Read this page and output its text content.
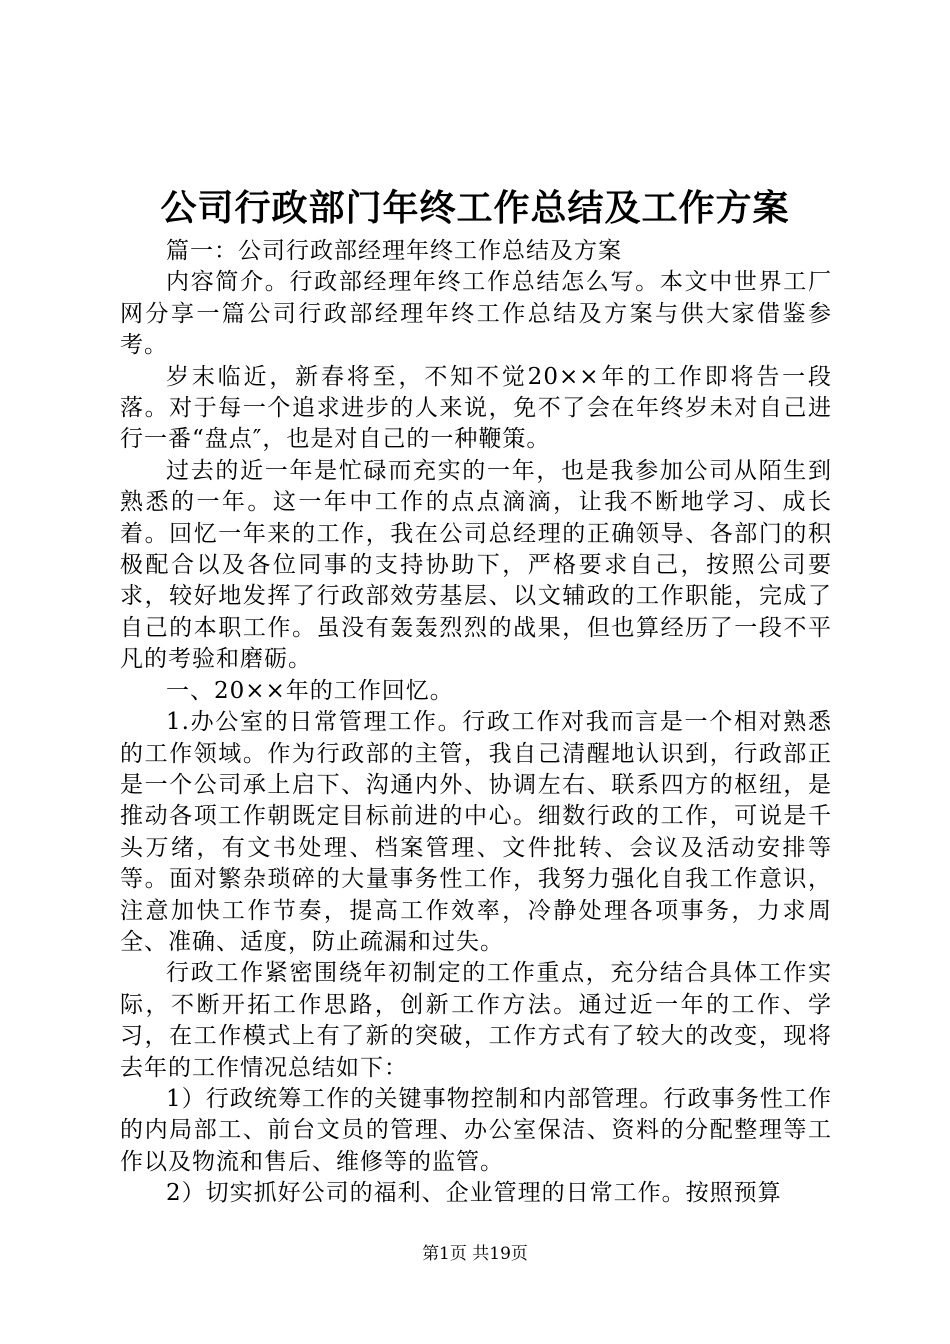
公司行政部门年终工作总结及工作方案

篇一：公司行政部经理年终工作总结及方案

内容简介。行政部经理年终工作总结怎么写。本文中世界工厂网分享一篇公司行政部经理年终工作总结及方案与供大家借鉴参考。

岁末临近，新春将至，不知不觉20××年的工作即将告一段落。对于每一个追求进步的人来说，免不了会在年终岁未对自己进行一番“盘点″，也是对自己的一种鞭策。

过去的近一年是忙碌而充实的一年，也是我参加公司从陌生到熟悉的一年。这一年中工作的点点滴滴，让我不断地学习、成长着。回忆一年来的工作，我在公司总经理的正确领导、各部门的积极配合以及各位同事的支持协助下，严格要求自己，按照公司要求，较好地发挥了行政部效劳基层、以文辅政的工作职能，完成了自己的本职工作。虽没有轰轰烈烈的战果，但也算经历了一段不平凡的考验和磨砺。

一、20××年的工作回忆。

1.办公室的日常管理工作。行政工作对我而言是一个相对熟悉的工作领域。作为行政部的主管，我自己清醒地认识到，行政部正是一个公司承上启下、沟通内外、协调左右、联系四方的枢纽，是推动各项工作朝既定目标前进的中心。细数行政的工作，可说是千头万绪，有文书处理、档案管理、文件批转、会议及活动安排等等。面对繁杂琐碎的大量事务性工作，我努力强化自我工作意识，注意加快工作节奏，提高工作效率，冷静处理各项事务，力求周全、准确、适度，防止疏漏和过失。

行政工作紧密围绕年初制定的工作重点，充分结合具体工作实际，不断开拓工作思路，创新工作方法。通过近一年的工作、学习，在工作模式上有了新的突破，工作方式有了较大的改变，现将去年的工作情况总结如下：

1）行政统筹工作的关键事物控制和内部管理。行政事务性工作的内局部工、前台文员的管理、办公室保洁、资料的分配整理等工作以及物流和售后、维修等的监管。

2）切实抓好公司的福利、企业管理的日常工作。按照预算

第1页 共19页
